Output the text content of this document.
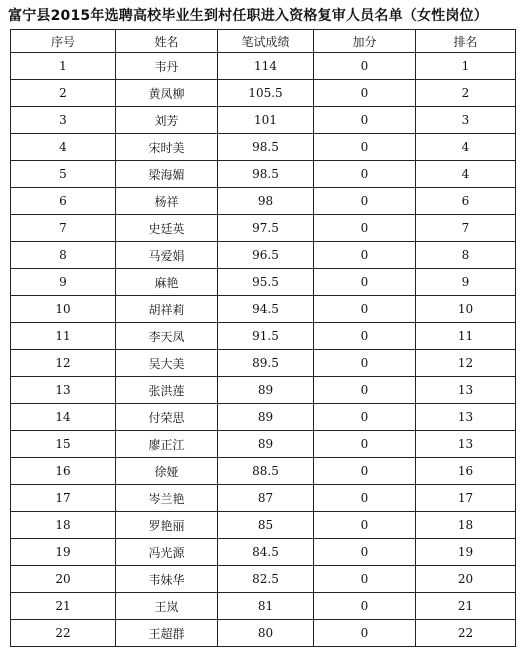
富宁县2015年选聘高校毕业生到村任职进入资格复审人员名单（女性岗位）
序号	姓名	笔试成绩	加分	排名
1	韦丹	114	0	1
2	黄凤柳	105.5	0	2
3	刘芳	101	0	3
4	宋时美	98.5	0	4
5	梁海媚	98.5	0	4
6	杨祥	98	0	6
7	史廷英	97.5	0	7
8	马爱娟	96.5	0	8
9	麻艳	95.5	0	9
10	胡祥莉	94.5	0	10
11	李天凤	91.5	0	11
12	吴大美	89.5	0	12
13	张洪莲	89	0	13
14	付荣思	89	0	13
15	廖正江	89	0	13
16	徐娅	88.5	0	16
17	岑兰艳	87	0	17
18	罗艳丽	85	0	18
19	冯光源	84.5	0	19
20	韦妹华	82.5	0	20
21	王岚	81	0	21
22	王超群	80	0	22
